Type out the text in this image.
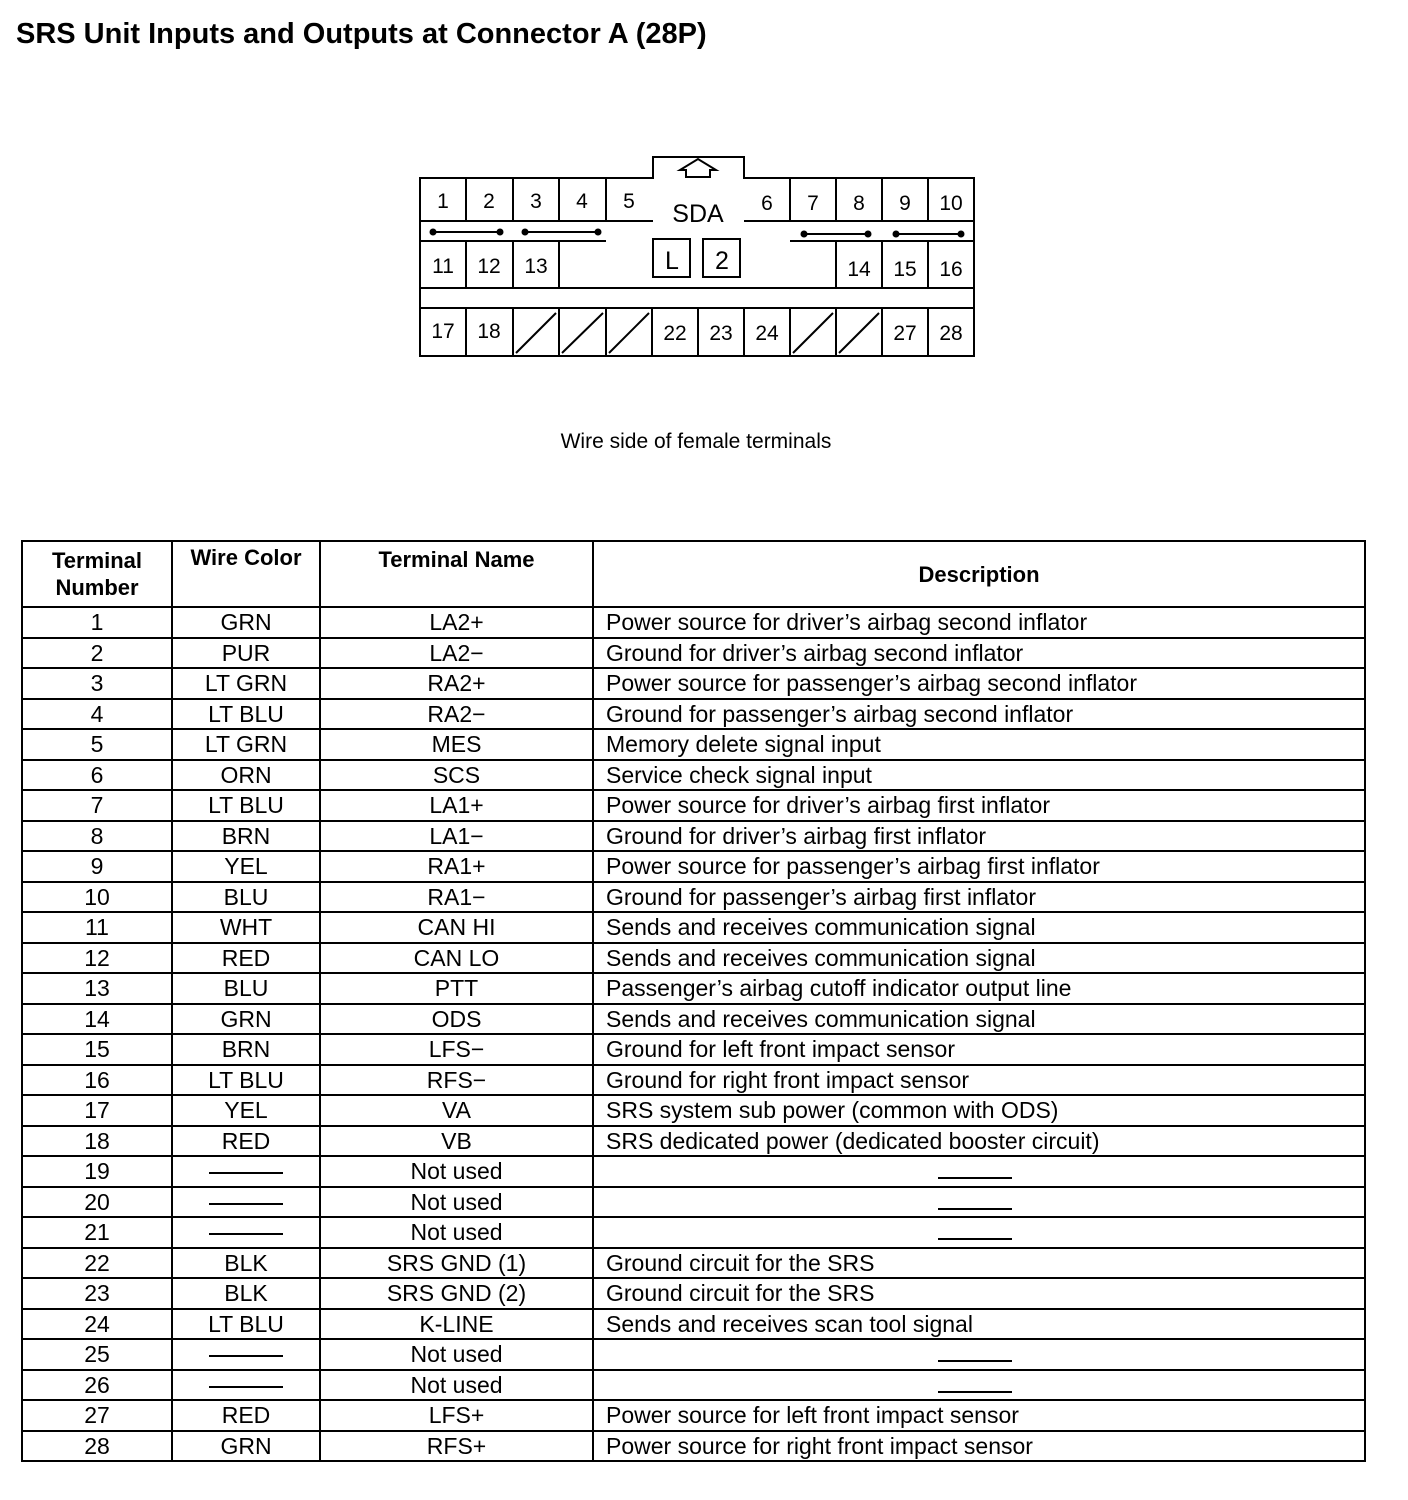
SRS Unit Inputs and Outputs at Connector A (28P)
1 2 3 4 5	6 7 8 9 10
11 12 13	14 15 16
17 18	22 23 24	27 28
SDA
L 2
Wire side of female terminals
Terminal
Number	Wire Color	Terminal Name	Description
1	GRN	LA2+	Power source for driver’s airbag second inflator
2	PUR	LA2−	Ground for driver’s airbag second inflator
3	LT GRN	RA2+	Power source for passenger’s airbag second inflator
4	LT BLU	RA2−	Ground for passenger’s airbag second inflator
5	LT GRN	MES	Memory delete signal input
6	ORN	SCS	Service check signal input
7	LT BLU	LA1+	Power source for driver’s airbag first inflator
8	BRN	LA1−	Ground for driver’s airbag first inflator
9	YEL	RA1+	Power source for passenger’s airbag first inflator
10	BLU	RA1−	Ground for passenger’s airbag first inflator
11	WHT	CAN HI	Sends and receives communication signal
12	RED	CAN LO	Sends and receives communication signal
13	BLU	PTT	Passenger’s airbag cutoff indicator output line
14	GRN	ODS	Sends and receives communication signal
15	BRN	LFS−	Ground for left front impact sensor
16	LT BLU	RFS−	Ground for right front impact sensor
17	YEL	VA	SRS system sub power (common with ODS)
18	RED	VB	SRS dedicated power (dedicated booster circuit)
19		Not used	

20		Not used	

21		Not used	

22	BLK	SRS GND (1)	Ground circuit for the SRS
23	BLK	SRS GND (2)	Ground circuit for the SRS
24	LT BLU	K-LINE	Sends and receives scan tool signal
25		Not used	

26		Not used	

27	RED	LFS+	Power source for left front impact sensor
28	GRN	RFS+	Power source for right front impact sensor
